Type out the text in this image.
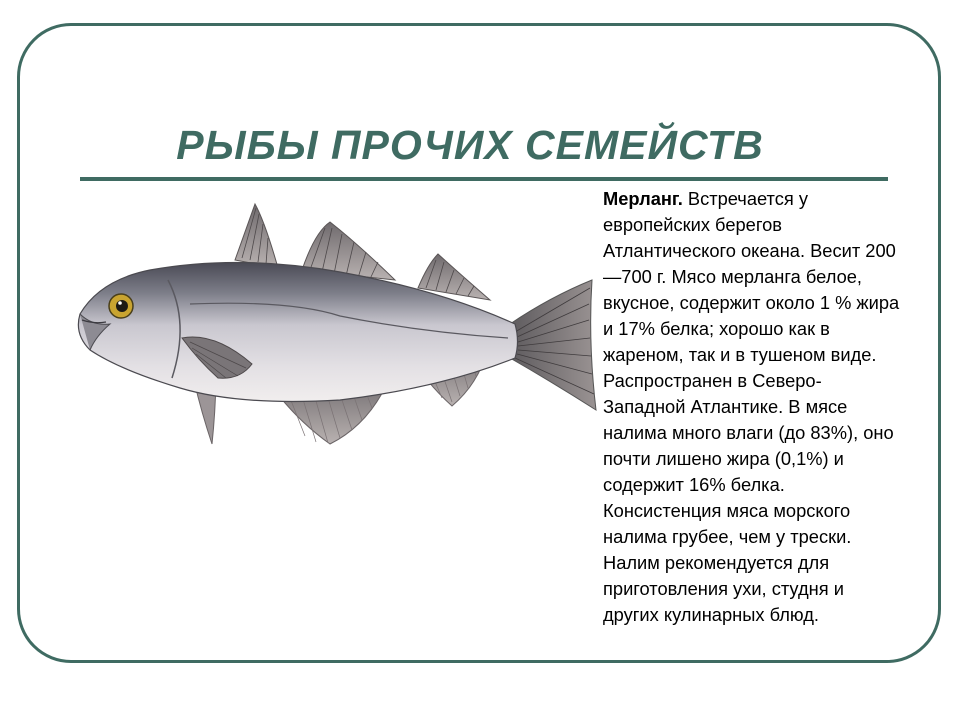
РЫБЫ ПРОЧИХ СЕМЕЙСТВ

Мерланг. Встречается у
европейских берегов
Атлантического океана. Весит 200
—700 г. Мясо мерланга белое,
вкусное, содержит около 1 % жира
и 17% белка; хорошо как в
жареном, так и в тушеном виде.
Распространен в Северо-
Западной Атлантике. В мясе
налима много влаги (до 83%), оно
почти лишено жира (0,1%) и
содержит 16% белка.
Консистенция мяса морского
налима грубее, чем у трески.
Налим рекомендуется для
приготовления ухи, студня и
других кулинарных блюд.
